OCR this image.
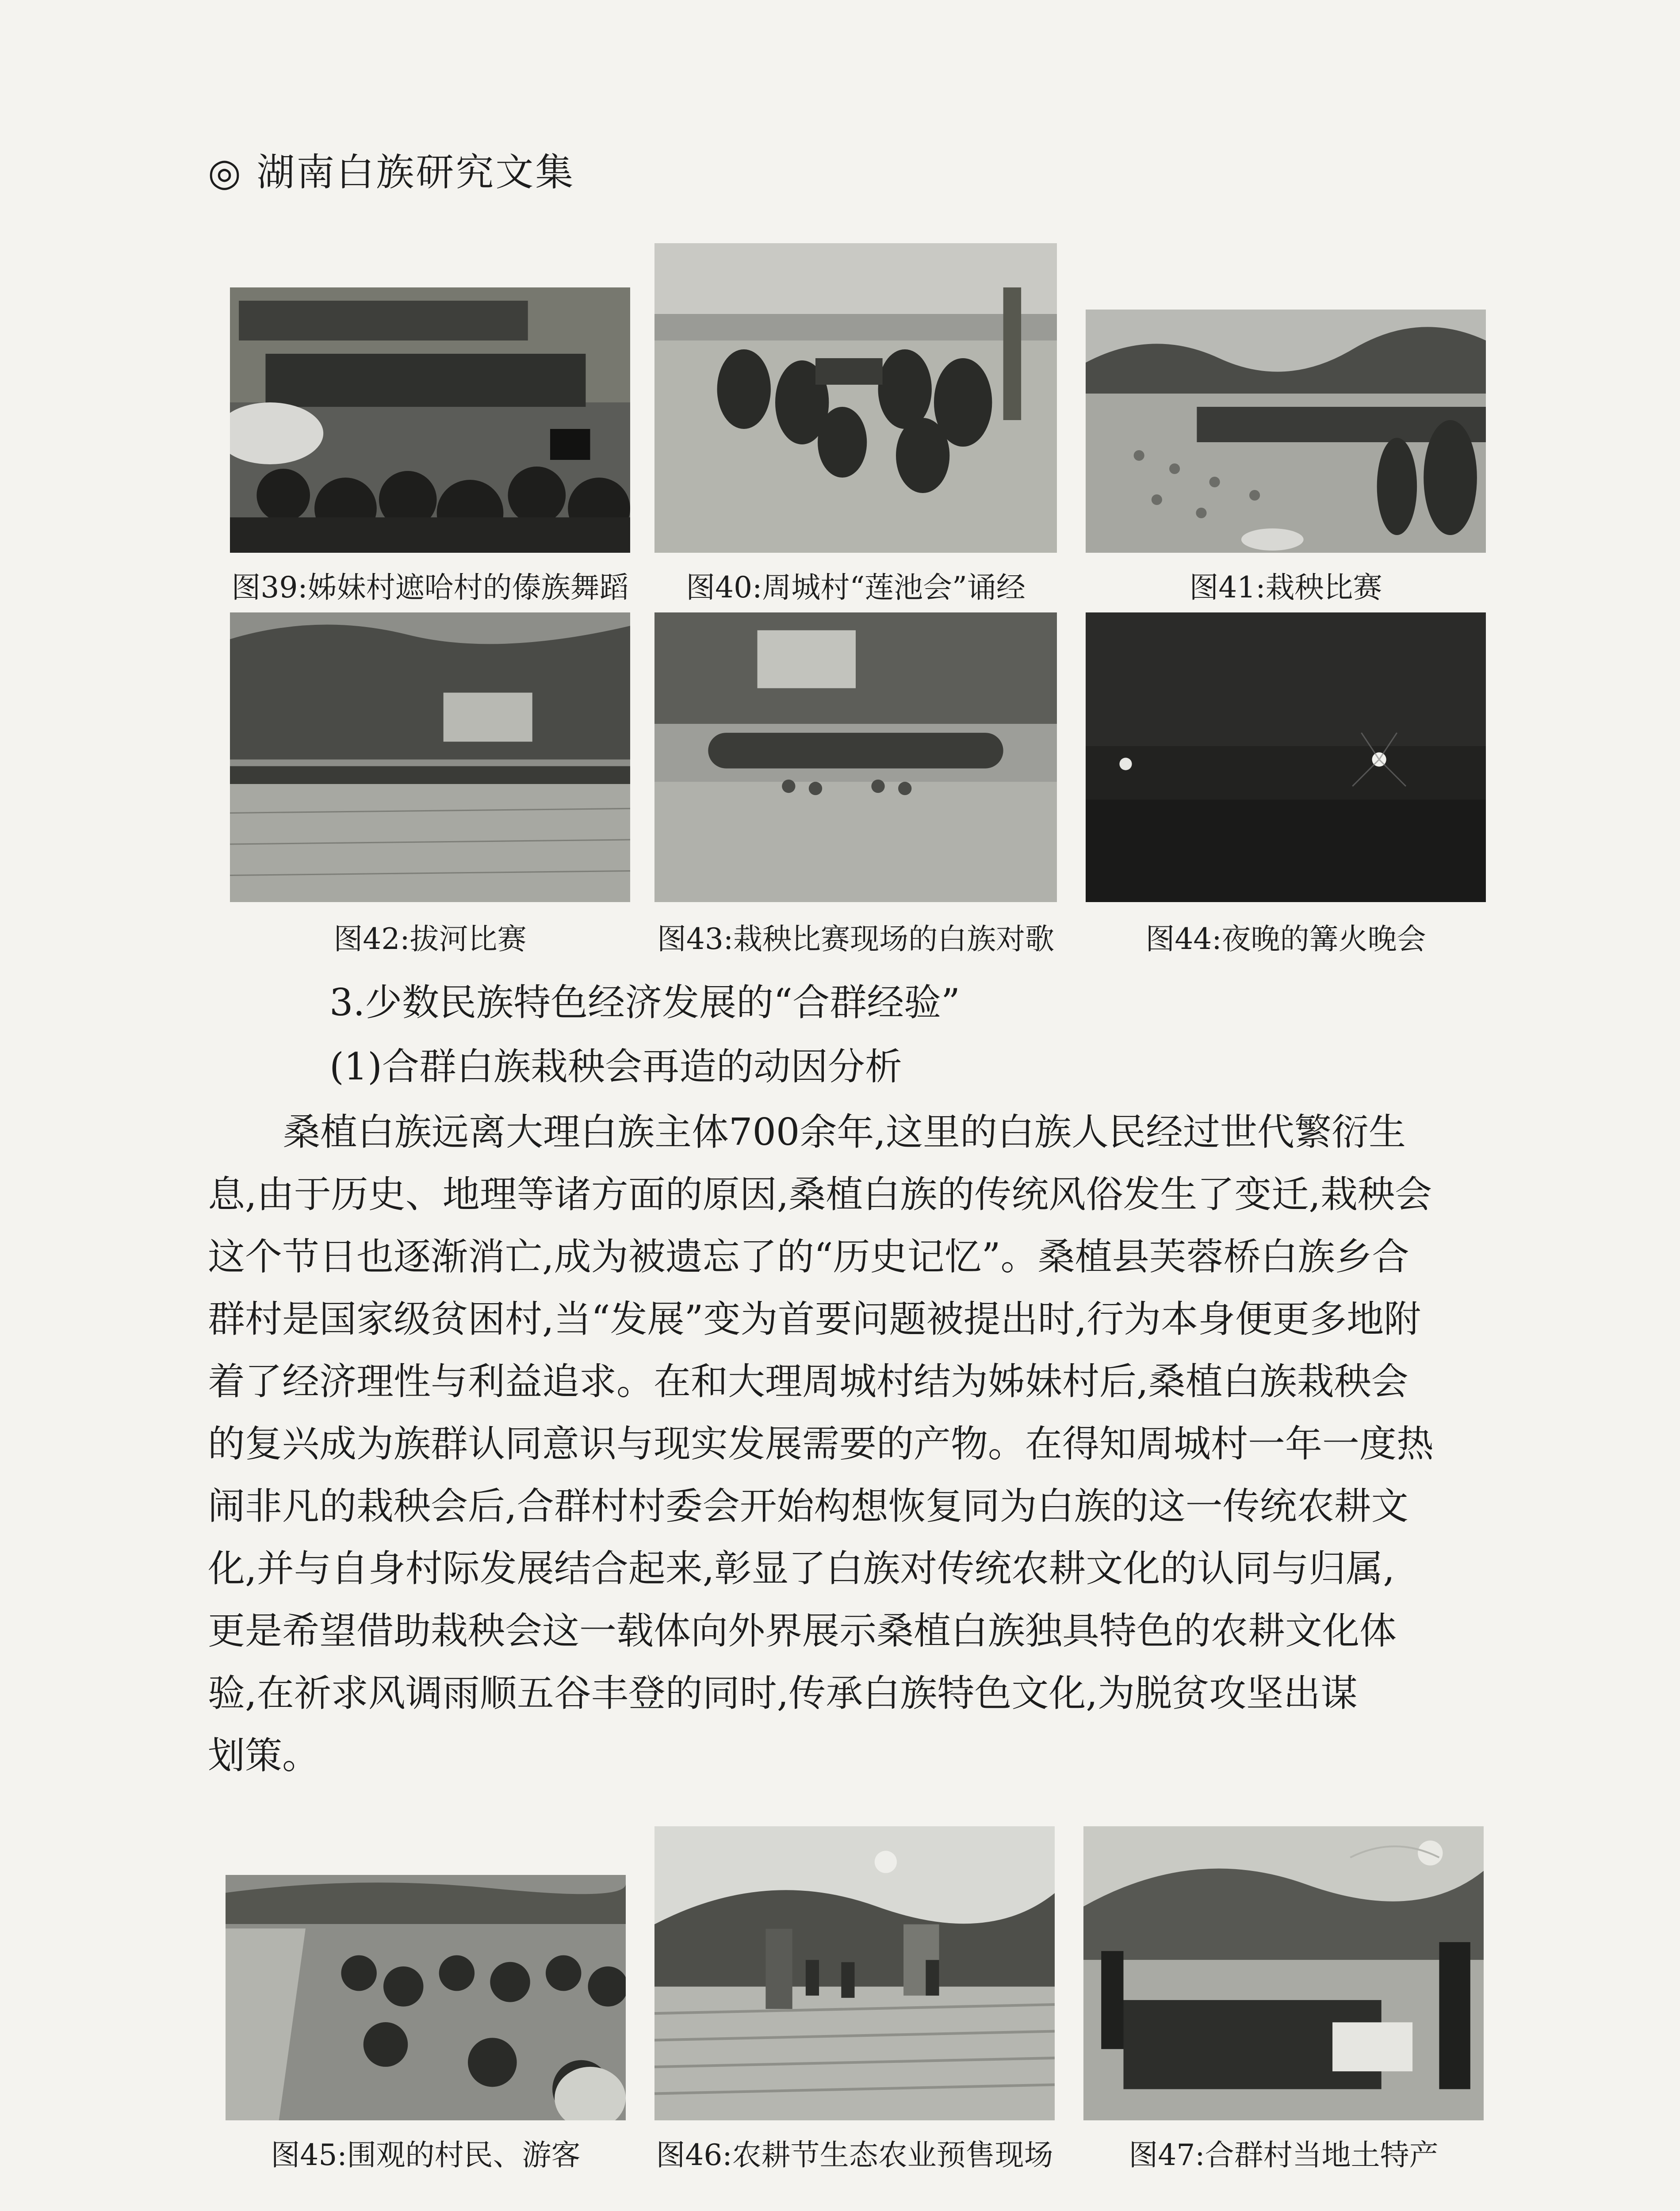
◎ 湖南白族研究文集
图39:姊妹村遮哈村的傣族舞蹈	图40:周城村“莲池会”诵经	图41:栽秧比赛
图42:拔河比赛	图43:栽秧比赛现场的白族对歌	图44:夜晚的篝火晚会
3.少数民族特色经济发展的“合群经验”
(1)合群白族栽秧会再造的动因分析
桑植白族远离大理白族主体700余年,这里的白族人民经过世代繁衍生
息,由于历史、地理等诸方面的原因,桑植白族的传统风俗发生了变迁,栽秧会
这个节日也逐渐消亡,成为被遗忘了的“历史记忆”。桑植县芙蓉桥白族乡合
群村是国家级贫困村,当“发展”变为首要问题被提出时,行为本身便更多地附
着了经济理性与利益追求。在和大理周城村结为姊妹村后,桑植白族栽秧会
的复兴成为族群认同意识与现实发展需要的产物。在得知周城村一年一度热
闹非凡的栽秧会后,合群村村委会开始构想恢复同为白族的这一传统农耕文
化,并与自身村际发展结合起来,彰显了白族对传统农耕文化的认同与归属,
更是希望借助栽秧会这一载体向外界展示桑植白族独具特色的农耕文化体
验,在祈求风调雨顺五谷丰登的同时,传承白族特色文化,为脱贫攻坚出谋
划策。
图45:围观的村民、游客	图46:农耕节生态农业预售现场	图47:合群村当地土特产
